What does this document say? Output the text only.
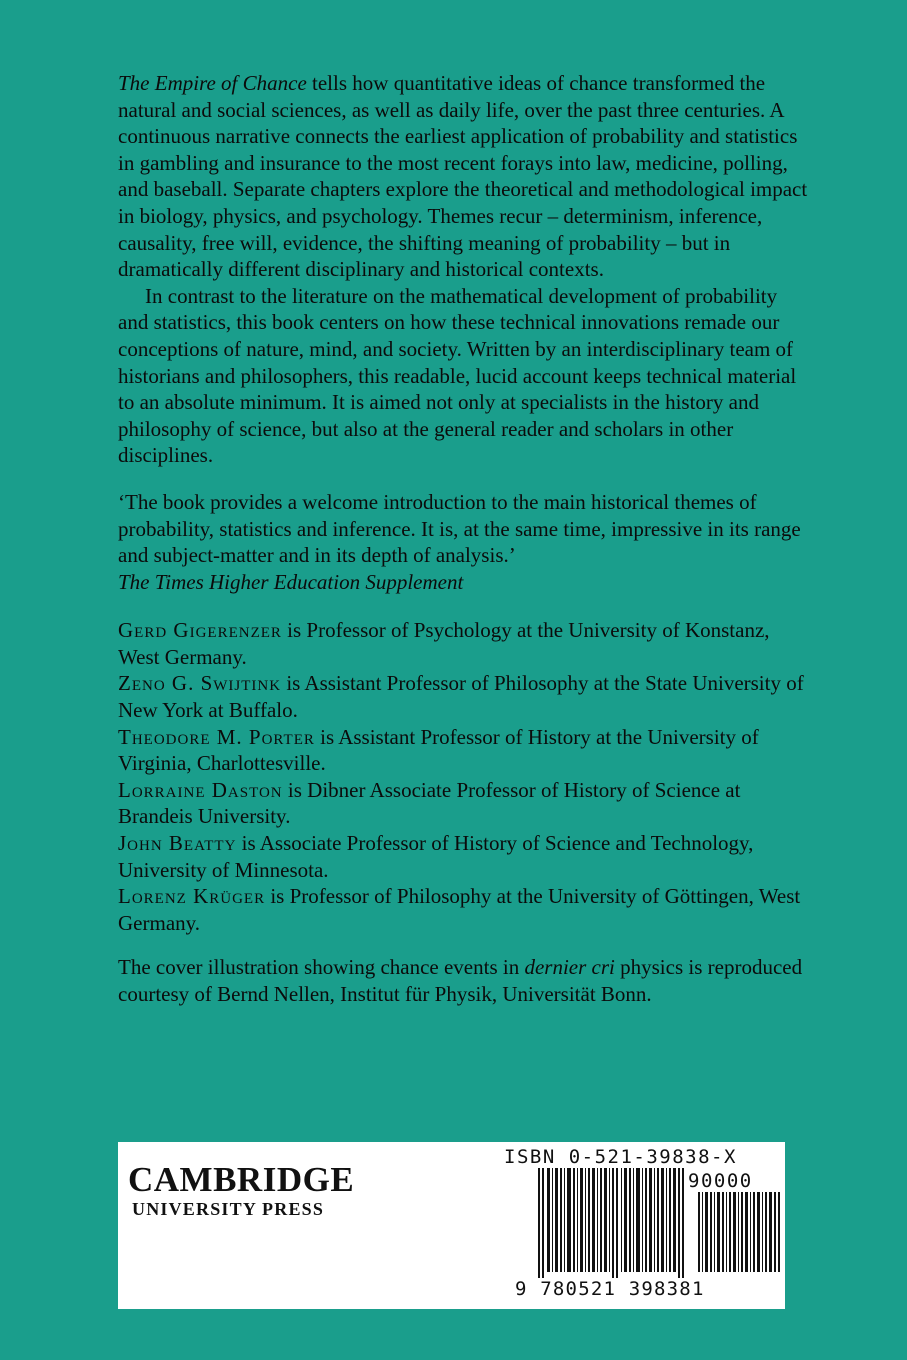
The Empire of Chance tells how quantitative ideas of chance transformed the natural and social sciences, as well as daily life, over the past three centuries. A continuous narrative connects the earliest application of probability and statistics in gambling and insurance to the most recent forays into law, medicine, polling, and baseball. Separate chapters explore the theoretical and methodological impact in biology, physics, and psychology. Themes recur – determinism, inference, causality, free will, evidence, the shifting meaning of probability – but in dramatically different disciplinary and historical contexts.

In contrast to the literature on the mathematical development of probability and statistics, this book centers on how these technical innovations remade our conceptions of nature, mind, and society. Written by an interdisciplinary team of historians and philosophers, this readable, lucid account keeps technical material to an absolute minimum. It is aimed not only at specialists in the history and philosophy of science, but also at the general reader and scholars in other disciplines.

‘The book provides a welcome introduction to the main historical themes of probability, statistics and inference. It is, at the same time, impressive in its range and subject-matter and in its depth of analysis.’

The Times Higher Education Supplement

Gerd Gigerenzer is Professor of Psychology at the University of Konstanz, West Germany.

Zeno G. Swijtink is Assistant Professor of Philosophy at the State University of New York at Buffalo.

Theodore M. Porter is Assistant Professor of History at the University of Virginia, Charlottesville.

Lorraine Daston is Dibner Associate Professor of History of Science at Brandeis University.

John Beatty is Associate Professor of History of Science and Technology, University of Minnesota.

Lorenz Krüger is Professor of Philosophy at the University of Göttingen, West Germany.

The cover illustration showing chance events in dernier cri physics is reproduced courtesy of Bernd Nellen, Institut für Physik, Universität Bonn.

CAMBRIDGE
UNIVERSITY PRESS
ISBN 0-521-39838-X
90000
9 780521 398381
